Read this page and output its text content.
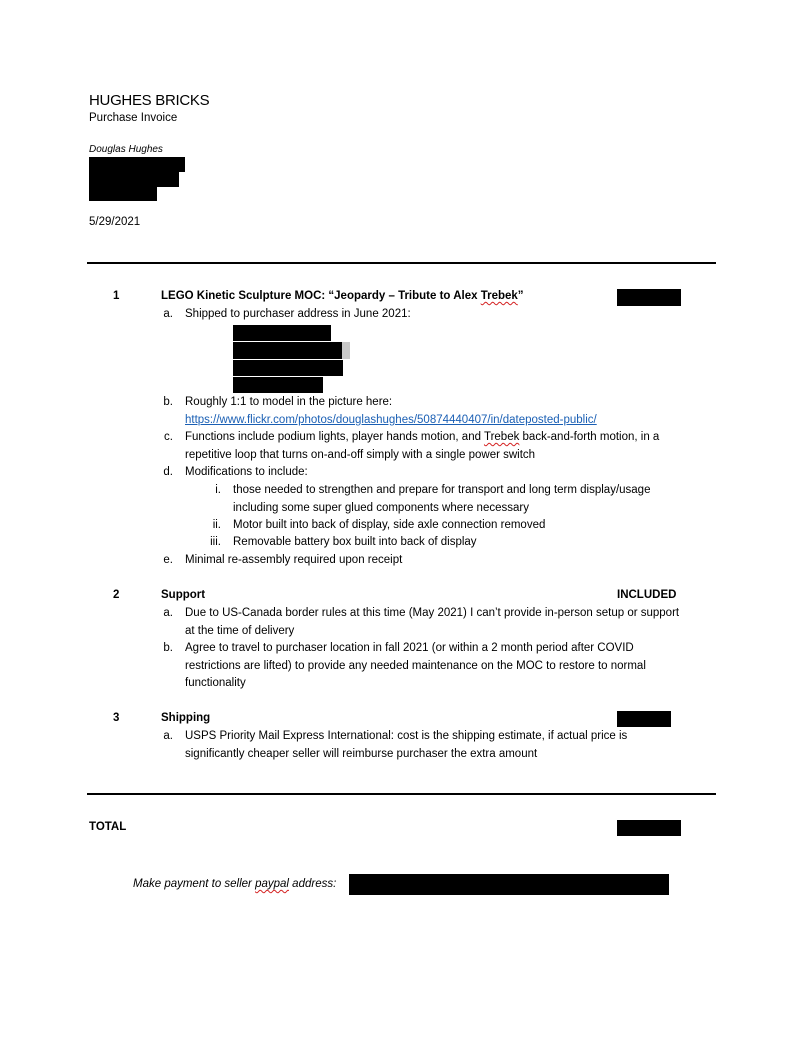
HUGHES BRICKS
Purchase Invoice
Douglas Hughes
5/29/2021
1	LEGO Kinetic Sculpture MOC: “Jeopardy – Tribute to Alex Trebek”
a. Shipped to purchaser address in June 2021:
b. Roughly 1:1 to model in the picture here:
https://www.flickr.com/photos/douglashughes/50874440407/in/dateposted-public/
c. Functions include podium lights, player hands motion, and Trebek back-and-forth motion, in a
repetitive loop that turns on-and-off simply with a single power switch
d. Modifications to include:
i. those needed to strengthen and prepare for transport and long term display/usage
including some super glued components where necessary
ii. Motor built into back of display, side axle connection removed
iii. Removable battery box built into back of display
e. Minimal re-assembly required upon receipt
2	Support	INCLUDED
a. Due to US-Canada border rules at this time (May 2021) I can’t provide in-person setup or support
at the time of delivery
b. Agree to travel to purchaser location in fall 2021 (or within a 2 month period after COVID
restrictions are lifted) to provide any needed maintenance on the MOC to restore to normal
functionality
3	Shipping
a. USPS Priority Mail Express International: cost is the shipping estimate, if actual price is
significantly cheaper seller will reimburse purchaser the extra amount
TOTAL
Make payment to seller paypal address:
